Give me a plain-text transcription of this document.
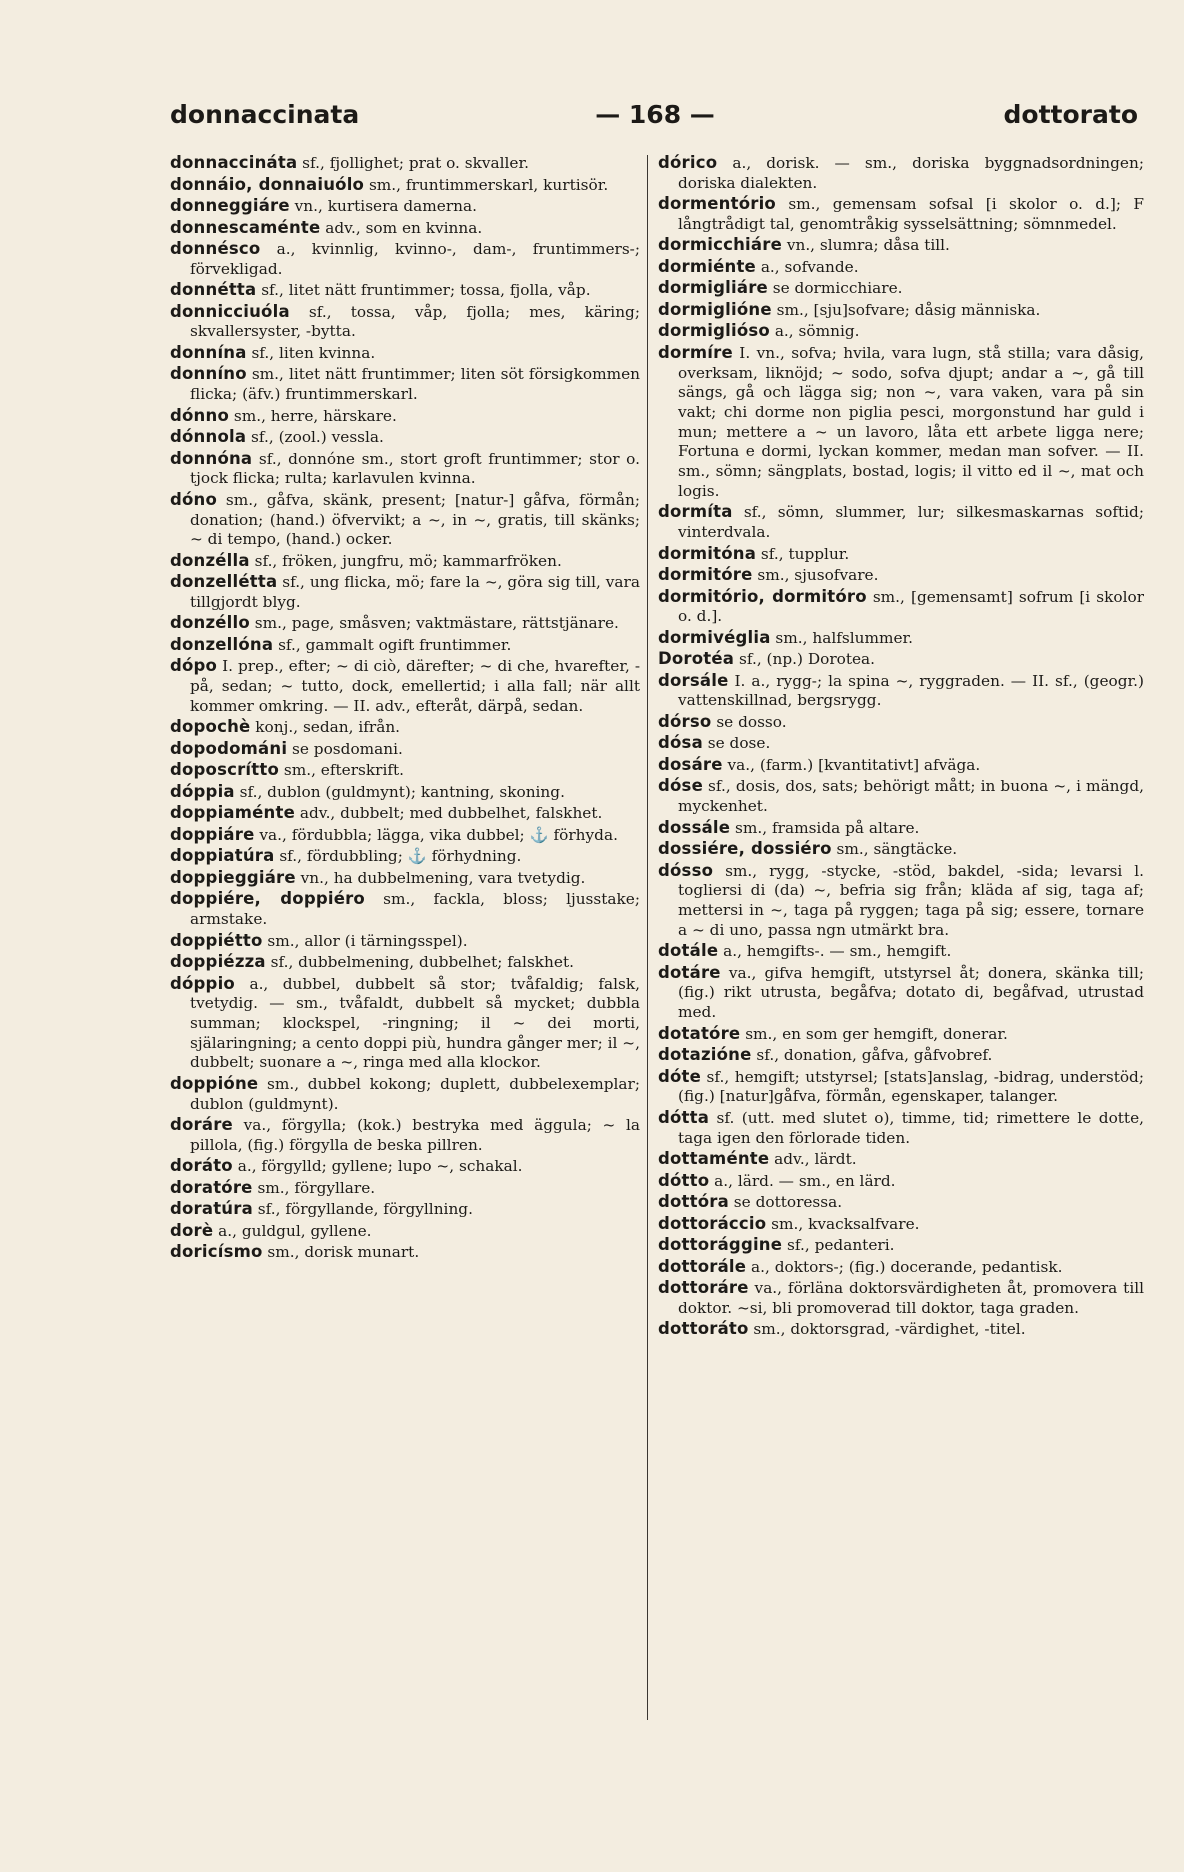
donnaccinata	— 168 —	dottorato

donnaccináta sf., fjollighet; prat o. skvaller.

donnáio, donnaiuólo sm., fruntimmerskarl, kurtisör.

donneggiáre vn., kurtisera damerna.

donnescaménte adv., som en kvinna.

donnésco a., kvinnlig, kvinno-, dam-, fruntimmers-; förvekligad.

donnétta sf., litet nätt fruntimmer; tossa, fjolla, våp.

donnicciuóla sf., tossa, våp, fjolla; mes, käring; skvallersyster, -bytta.

donnína sf., liten kvinna.

donníno sm., litet nätt fruntimmer; liten söt försigkommen flicka; (äfv.) fruntimmerskarl.

dónno sm., herre, härskare.

dónnola sf., (zool.) vessla.

donnóna sf., donnóne sm., stort groft fruntimmer; stor o. tjock flicka; rulta; karlavulen kvinna.

dóno sm., gåfva, skänk, present; [natur-] gåfva, förmån; donation; (hand.) öfvervikt; a ~, in ~, gratis, till skänks; ~ di tempo, (hand.) ocker.

donzélla sf., fröken, jungfru, mö; kammarfröken.

donzellétta sf., ung flicka, mö; fare la ~, göra sig till, vara tillgjordt blyg.

donzéllo sm., page, småsven; vaktmästare, rättstjänare.

donzellóna sf., gammalt ogift fruntimmer.

dópo I. prep., efter; ~ di ciò, därefter; ~ di che, hvarefter, -på, sedan; ~ tutto, dock, emellertid; i alla fall; när allt kommer omkring. — II. adv., efteråt, därpå, sedan.

dopochè konj., sedan, ifrån.

dopodománi se posdomani.

doposcrítto sm., efterskrift.

dóppia sf., dublon (guldmynt); kantning, skoning.

doppiaménte adv., dubbelt; med dubbelhet, falskhet.

doppiáre va., fördubbla; lägga, vika dubbel; ⚓ förhyda.

doppiatúra sf., fördubbling; ⚓ förhydning.

doppieggiáre vn., ha dubbelmening, vara tvetydig.

doppiére, doppiéro sm., fackla, bloss; ljusstake; armstake.

doppiétto sm., allor (i tärningsspel).

doppiézza sf., dubbelmening, dubbelhet; falskhet.

dóppio a., dubbel, dubbelt så stor; tvåfaldig; falsk, tvetydig. — sm., tvåfaldt, dubbelt så mycket; dubbla summan; klockspel, -ringning; il ~ dei morti, själaringning; a cento doppi più, hundra gånger mer; il ~, dubbelt; suonare a ~, ringa med alla klockor.

doppióne sm., dubbel kokong; duplett, dubbelexemplar; dublon (guldmynt).

doráre va., förgylla; (kok.) bestryka med äggula; ~ la pillola, (fig.) förgylla de beska pillren.

doráto a., förgylld; gyllene; lupo ~, schakal.

doratóre sm., förgyllare.

doratúra sf., förgyllande, förgyllning.

dorè a., guldgul, gyllene.

doricísmo sm., dorisk munart.

dórico a., dorisk. — sm., doriska byggnadsordningen; doriska dialekten.

dormentório sm., gemensam sofsal [i skolor o. d.]; F långtrådigt tal, genomtråkig sysselsättning; sömnmedel.

dormicchiáre vn., slumra; dåsa till.

dormiénte a., sofvande.

dormigliáre se dormicchiare.

dormiglióne sm., [sju]sofvare; dåsig människa.

dormiglióso a., sömnig.

dormíre I. vn., sofva; hvila, vara lugn, stå stilla; vara dåsig, overksam, liknöjd; ~ sodo, sofva djupt; andar a ~, gå till sängs, gå och lägga sig; non ~, vara vaken, vara på sin vakt; chi dorme non piglia pesci, morgonstund har guld i mun; mettere a ~ un lavoro, låta ett arbete ligga nere; Fortuna e dormi, lyckan kommer, medan man sofver. — II. sm., sömn; sängplats, bostad, logis; il vitto ed il ~, mat och logis.

dormíta sf., sömn, slummer, lur; silkesmaskarnas softid; vinterdvala.

dormitóna sf., tupplur.

dormitóre sm., sjusofvare.

dormitório, dormitóro sm., [gemensamt] sofrum [i skolor o. d.].

dormivéglia sm., halfslummer.

Dorotéa sf., (np.) Dorotea.

dorsále I. a., rygg-; la spina ~, ryggraden. — II. sf., (geogr.) vattenskillnad, bergsrygg.

dórso se dosso.

dósa se dose.

dosáre va., (farm.) [kvantitativt] afväga.

dóse sf., dosis, dos, sats; behörigt mått; in buona ~, i mängd, myckenhet.

dossále sm., framsida på altare.

dossiére, dossiéro sm., sängtäcke.

dósso sm., rygg, -stycke, -stöd, bakdel, -sida; levarsi l. togliersi di (da) ~, befria sig från; kläda af sig, taga af; mettersi in ~, taga på ryggen; taga på sig; essere, tornare a ~ di uno, passa ngn utmärkt bra.

dotále a., hemgifts-. — sm., hemgift.

dotáre va., gifva hemgift, utstyrsel åt; donera, skänka till; (fig.) rikt utrusta, begåfva; dotato di, begåfvad, utrustad med.

dotatóre sm., en som ger hemgift, donerar.

dotazióne sf., donation, gåfva, gåfvobref.

dóte sf., hemgift; utstyrsel; [stats]anslag, -bidrag, understöd; (fig.) [natur]gåfva, förmån, egenskaper, talanger.

dótta sf. (utt. med slutet o), timme, tid; rimettere le dotte, taga igen den förlorade tiden.

dottaménte adv., lärdt.

dótto a., lärd. — sm., en lärd.

dottóra se dottoressa.

dottoráccio sm., kvacksalfvare.

dottorággine sf., pedanteri.

dottorále a., doktors-; (fig.) docerande, pedantisk.

dottoráre va., förläna doktorsvärdigheten åt, promovera till doktor. ~si, bli promoverad till doktor, taga graden.

dottoráto sm., doktorsgrad, -värdighet, -titel.
